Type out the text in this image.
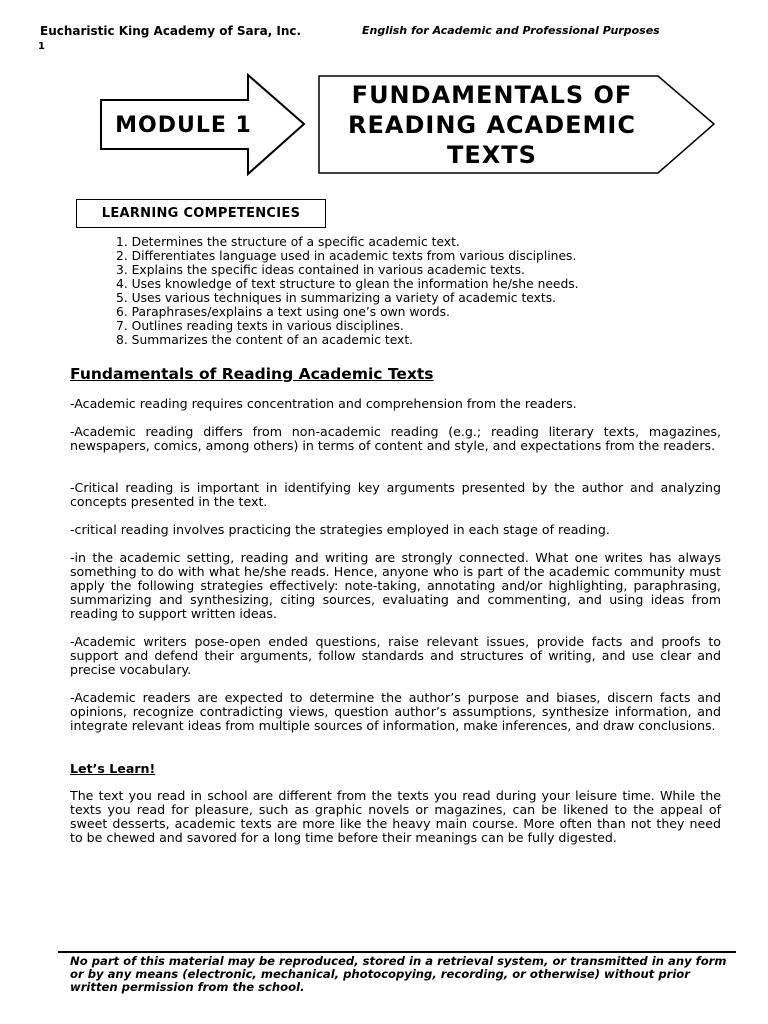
Eucharistic King Academy of Sara, Inc.
1
English for Academic and Professional Purposes
MODULE 1
FUNDAMENTALS OF READING ACADEMIC TEXTS
LEARNING COMPETENCIES
1. Determines the structure of a specific academic text.
2. Differentiates language used in academic texts from various disciplines.
3. Explains the specific ideas contained in various academic texts.
4. Uses knowledge of text structure to glean the information he/she needs.
5. Uses various techniques in summarizing a variety of academic texts.
6. Paraphrases/explains a text using one’s own words.
7. Outlines reading texts in various disciplines.
8. Summarizes the content of an academic text.
Fundamentals of Reading Academic Texts

-Academic reading requires concentration and comprehension from the readers.

-Academic reading differs from non-academic reading (e.g.; reading literary texts, magazines, newspapers, comics, among others) in terms of content and style, and expectations from the readers.

-Critical reading is important in identifying key arguments presented by the author and analyzing concepts presented in the text.

-critical reading involves practicing the strategies employed in each stage of reading.

-in the academic setting, reading and writing are strongly connected. What one writes has always something to do with what he/she reads. Hence, anyone who is part of the academic community must apply the following strategies effectively: note-taking, annotating and/or highlighting, paraphrasing, summarizing and synthesizing, citing sources, evaluating and commenting, and using ideas from reading to support written ideas.

-Academic writers pose-open ended questions, raise relevant issues, provide facts and proofs to support and defend their arguments, follow standards and structures of writing, and use clear and precise vocabulary.

-Academic readers are expected to determine the author’s purpose and biases, discern facts and opinions, recognize contradicting views, question author’s assumptions, synthesize information, and integrate relevant ideas from multiple sources of information, make inferences, and draw conclusions.

Let’s Learn!

The text you read in school are different from the texts you read during your leisure time. While the texts you read for pleasure, such as graphic novels or magazines, can be likened to the appeal of sweet desserts, academic texts are more like the heavy main course. More often than not they need to be chewed and savored for a long time before their meanings can be fully digested.

No part of this material may be reproduced, stored in a retrieval system, or transmitted in any form or by any means (electronic, mechanical, photocopying, recording, or otherwise) without prior written permission from the school.
